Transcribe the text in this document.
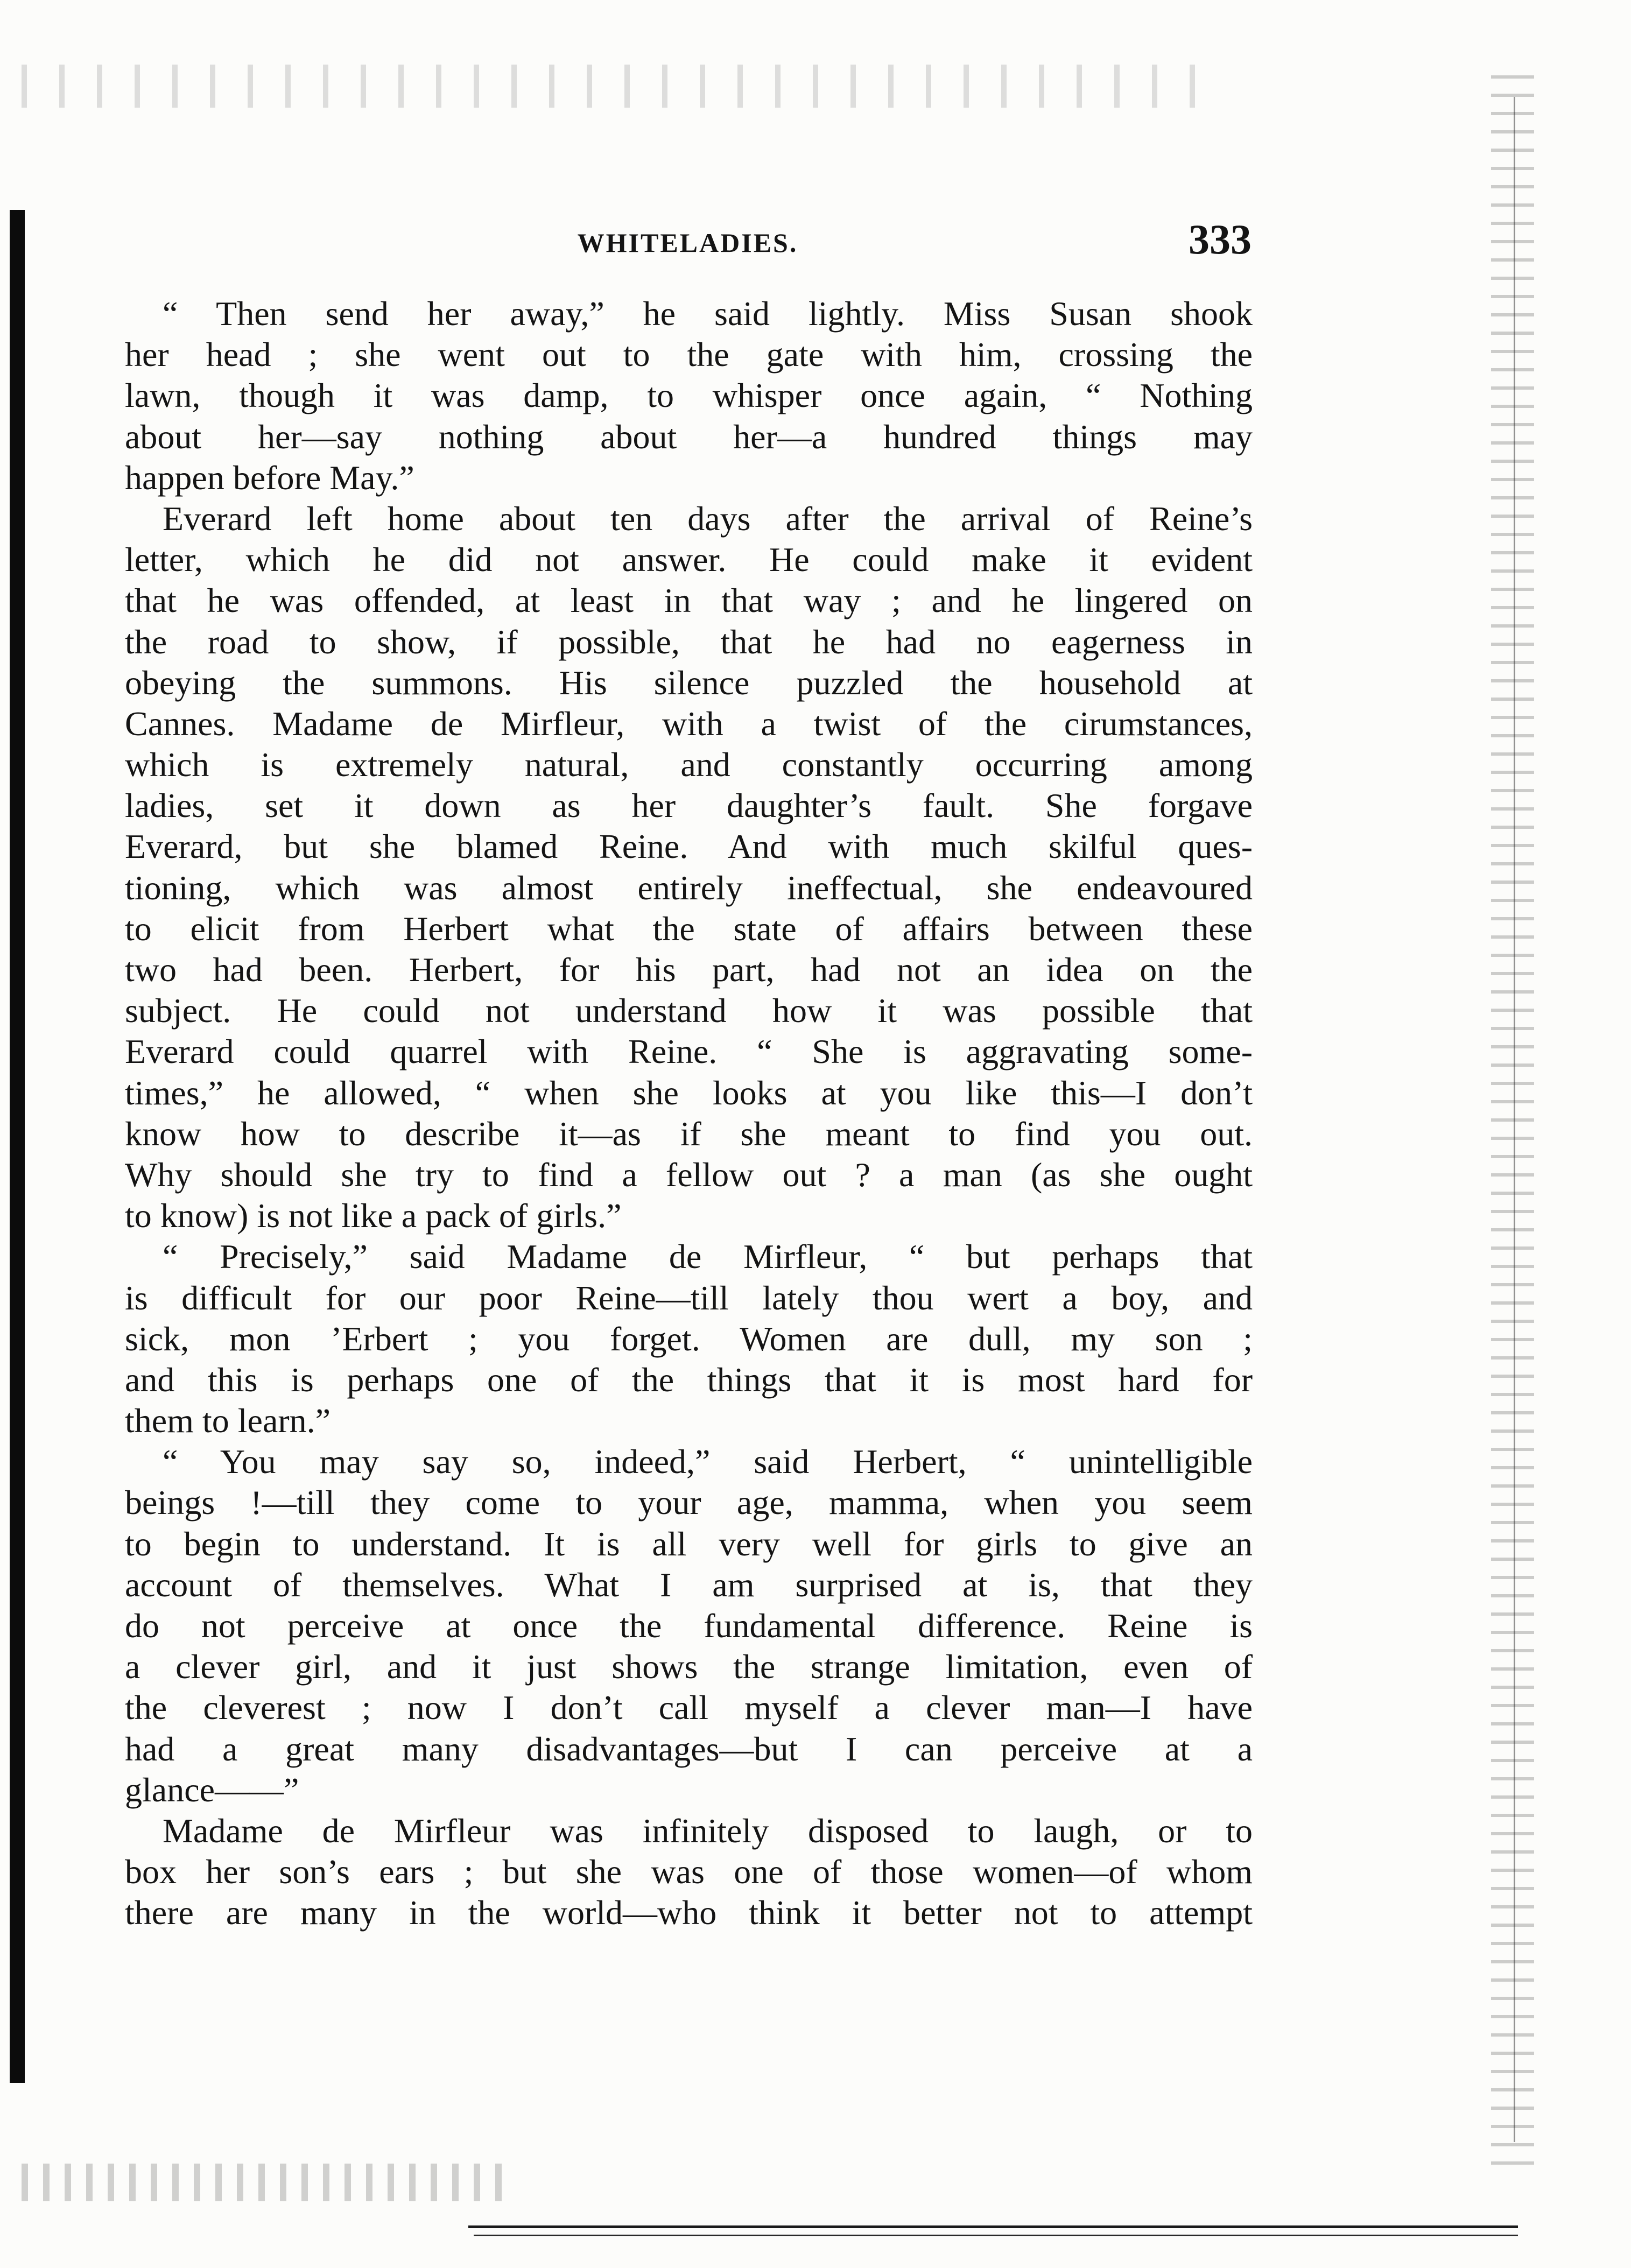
WHITELADIES.	333
“ Then send her away,” he said lightly. Miss Susan shook
her head ; she went out to the gate with him, crossing the
lawn, though it was damp, to whisper once again, “ Nothing
about her—say nothing about her—a hundred things may
happen before May.”
Everard left home about ten days after the arrival of Reine’s
letter, which he did not answer. He could make it evident
that he was offended, at least in that way ; and he lingered on
the road to show, if possible, that he had no eagerness in
obeying the summons. His silence puzzled the household at
Cannes. Madame de Mirfleur, with a twist of the cirumstances,
which is extremely natural, and constantly occurring among
ladies, set it down as her daughter’s fault. She forgave
Everard, but she blamed Reine. And with much skilful ques-
tioning, which was almost entirely ineffectual, she endeavoured
to elicit from Herbert what the state of affairs between these
two had been. Herbert, for his part, had not an idea on the
subject. He could not understand how it was possible that
Everard could quarrel with Reine. “ She is aggravating some-
times,” he allowed, “ when she looks at you like this—I don’t
know how to describe it—as if she meant to find you out.
Why should she try to find a fellow out ? a man (as she ought
to know) is not like a pack of girls.”
“ Precisely,” said Madame de Mirfleur, “ but perhaps that
is difficult for our poor Reine—till lately thou wert a boy, and
sick, mon ’Erbert ; you forget. Women are dull, my son ;
and this is perhaps one of the things that it is most hard for
them to learn.”
“ You may say so, indeed,” said Herbert, “ unintelligible
beings !—till they come to your age, mamma, when you seem
to begin to understand. It is all very well for girls to give an
account of themselves. What I am surprised at is, that they
do not perceive at once the fundamental difference. Reine is
a clever girl, and it just shows the strange limitation, even of
the cleverest ; now I don’t call myself a clever man—I have
had a great many disadvantages—but I can perceive at a
glance——”
Madame de Mirfleur was infinitely disposed to laugh, or to
box her son’s ears ; but she was one of those women—of whom
there are many in the world—who think it better not to attempt
